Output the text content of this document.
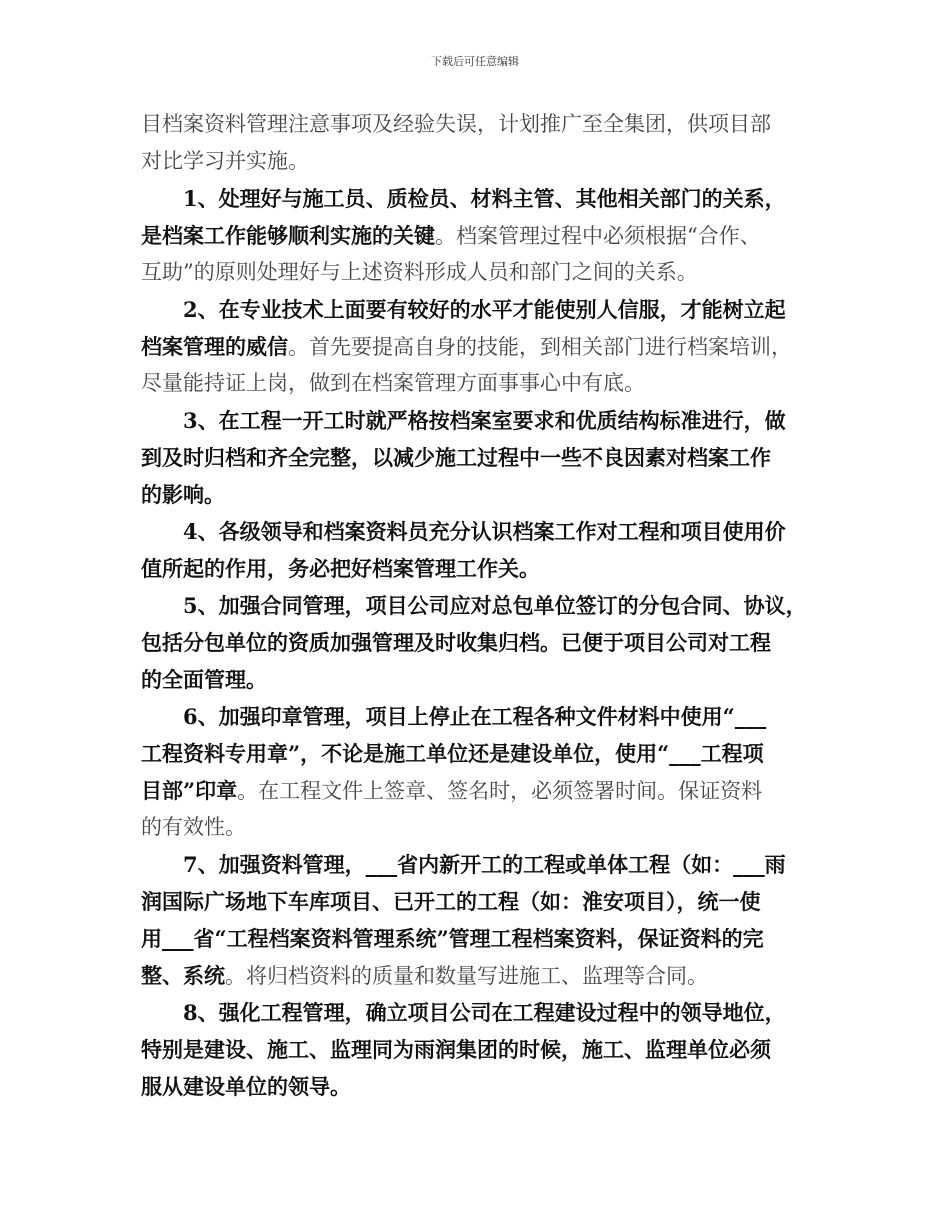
下载后可任意编辑
目档案资料管理注意事项及经验失误，计划推广至全集团，供项目部
对比学习并实施。
1、处理好与施工员、质检员、材料主管、其他相关部门的关系，
是档案工作能够顺利实施的关键。档案管理过程中必须根据“合作、
互助”的原则处理好与上述资料形成人员和部门之间的关系。
2、在专业技术上面要有较好的水平才能使别人信服，才能树立起
档案管理的威信。首先要提高自身的技能，到相关部门进行档案培训，
尽量能持证上岗，做到在档案管理方面事事心中有底。
3、在工程一开工时就严格按档案室要求和优质结构标准进行，做
到及时归档和齐全完整，以减少施工过程中一些不良因素对档案工作
的影响。
4、各级领导和档案资料员充分认识档案工作对工程和项目使用价
值所起的作用，务必把好档案管理工作关。
5、加强合同管理，项目公司应对总包单位签订的分包合同、协议，
包括分包单位的资质加强管理及时收集归档。已便于项目公司对工程
的全面管理。
6、加强印章管理，项目上停止在工程各种文件材料中使用“___
工程资料专用章”，不论是施工单位还是建设单位，使用“___工程项
目部”印章。在工程文件上签章、签名时，必须签署时间。保证资料
的有效性。
7、加强资料管理，___省内新开工的工程或单体工程（如：___雨
润国际广场地下车库项目、已开工的工程（如：淮安项目），统一使
用___省“工程档案资料管理系统”管理工程档案资料，保证资料的完
整、系统。将归档资料的质量和数量写进施工、监理等合同。
8、强化工程管理，确立项目公司在工程建设过程中的领导地位，
特别是建设、施工、监理同为雨润集团的时候，施工、监理单位必须
服从建设单位的领导。
